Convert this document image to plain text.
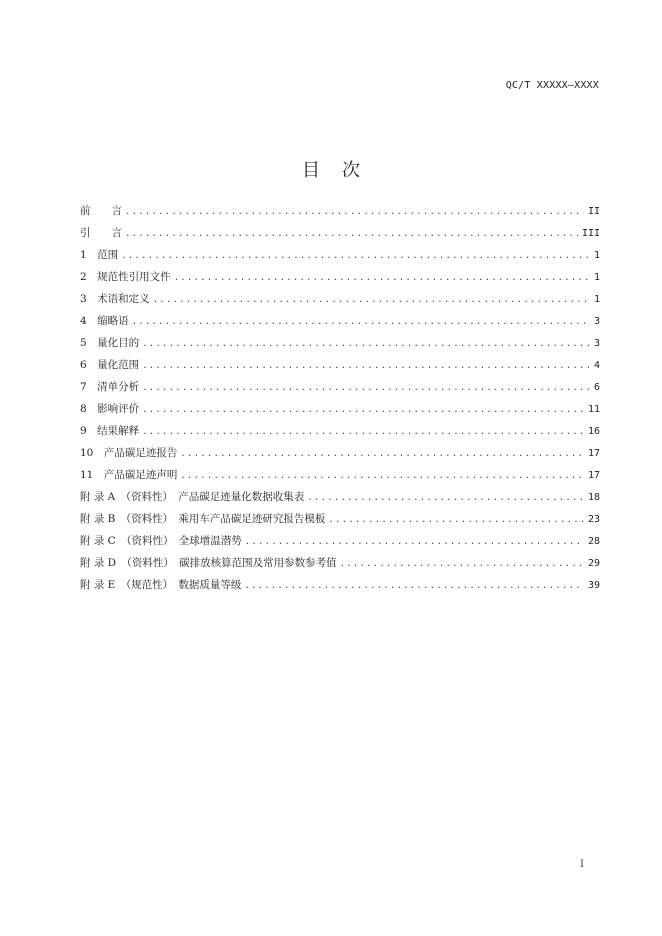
QC/T XXXXX—XXXX
目次
前　　言 .....	II
引　　言 .....	III
1　范围 .....	1
2　规范性引用文件 .....	1
3　术语和定义 .....	1
4　缩略语 .....	3
5　量化目的 .....	3
6　量化范围 .....	4
7　清单分析 .....	6
8　影响评价 .....	11
9　结果解释 .....	16
10　产品碳足迹报告 .....	17
11　产品碳足迹声明 .....	17
附 录 A　（资料性）　产品碳足迹量化数据收集表 .....	18
附 录 B　（资料性）　乘用车产品碳足迹研究报告模板 .....	23
附 录 C　（资料性）　全球增温潜势 .....	28
附 录 D　（资料性）　碳排放核算范围及常用参数参考值 .....	29
附 录 E　（规范性）　数据质量等级 .....	39
I
